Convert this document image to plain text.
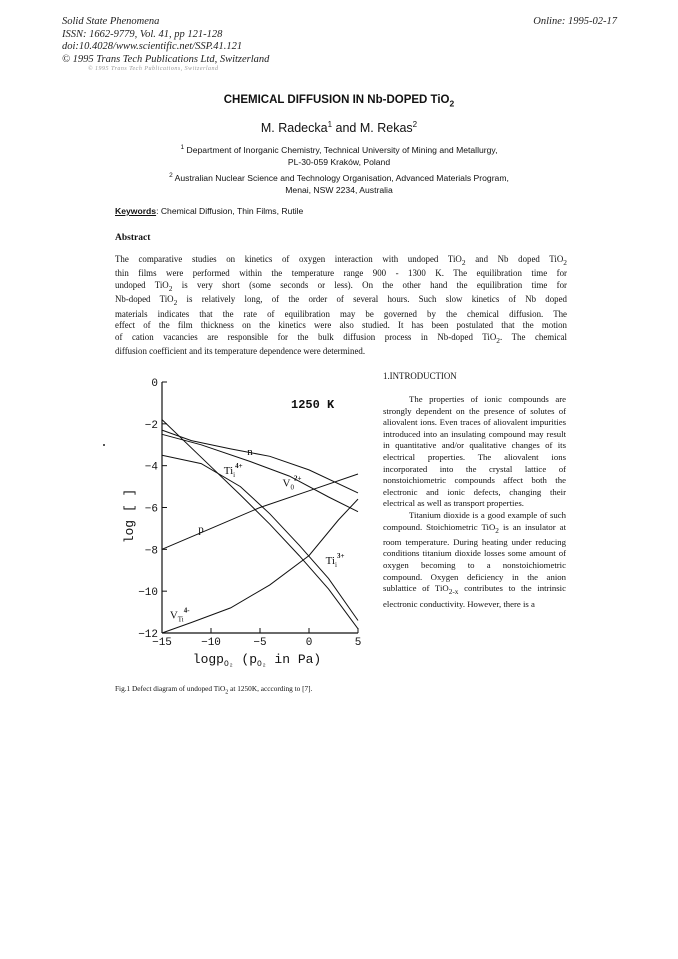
Solid State Phenomena
ISSN: 1662-9779, Vol. 41, pp 121-128
doi:10.4028/www.scientific.net/SSP.41.121
© 1995 Trans Tech Publications Ltd, Switzerland
Online: 1995-02-17
© 1995 Trans Tech Publications, Switzerland
CHEMICAL DIFFUSION IN Nb-DOPED TiO$_2$
M. Radecka$^1$ and M. Rekas$^2$
$^1$ Department of Inorganic Chemistry, Technical University of Mining and Metallurgy,
PL-30-059 Kraków, Poland
$^2$ Australian Nuclear Science and Technology Organisation, Advanced Materials Program,
Menai, NSW 2234, Australia
Keywords: Chemical Diffusion, Thin Films, Rutile
Abstract

The comparative studies on kinetics of oxygen interaction with undoped TiO$_2$ and Nb doped TiO$_2$

thin films were performed within the temperature range 900 - 1300 K. The equilibration time for

undoped TiO$_2$ is very short (some seconds or less). On the other hand the equilibration time for

Nb-doped TiO$_2$ is relatively long, of the order of several hours. Such slow kinetics of Nb doped

materials indicates that the rate of equilibration may be governed by the chemical diffusion. The

effect of the film thickness on the kinetics were also studied. It has been postulated that the motion

of cation vacancies are responsible for the bulk diffusion process in Nb-doped TiO$_2$. The chemical

diffusion coefficient and its temperature dependence were determined.

0
−2
−4
−6
−8
−10
−12
−15	−10	−5	0	5
n
$Ti_i^{4+}$
$V_0^{2+}$
p
$Ti_i^{3+}$
$V_{Ti}^{4-}$
1250 K
log [ ]
logp$_{O_2}$ ($p_{O_2}$ in Pa)
Fig.1 Defect diagram of undoped TiO$_2$ at 1250K, acccording to [7].
1.INTRODUCTION

The properties of ionic compounds are strongly dependent on the presence of solutes of aliovalent ions. Even traces of aliovalent impurities introduced into an insulating compound may result in quantitative and/or qualitative changes of its electrical properties. The aliovalent ions incorporated into the crystal lattice of nonstoichiometric compounds affect both the electronic and ionic defects, changing their electrical as well as transport properties.

Titanium dioxide is a good example of such compound. Stoichiometric TiO$_2$ is an insulator at room temperature. During heating under reducing conditions titanium dioxide losses some amount of oxygen becoming to a nonstoichiometric compound. Oxygen deficiency in the anion sublattice of TiO$_{2-x}$ contributes to the intrinsic electronic conductivity. However, there is a
